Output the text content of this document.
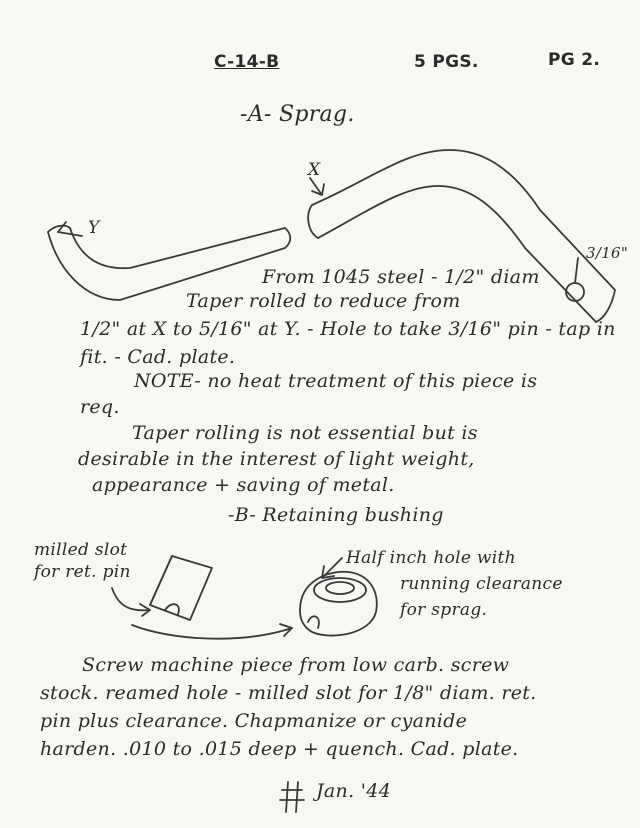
C-14-B	5 PGS.	PG 2.
-A- Sprag.
X
Y
3/16"
From 1045 steel - 1/2" diam
Taper rolled to reduce from
1/2" at X to 5/16" at Y. - Hole to take 3/16" pin - tap in
fit. - Cad. plate.
NOTE- no heat treatment of this piece is
req.
Taper rolling is not essential but is
desirable in the interest of light weight,
appearance + saving of metal.
-B- Retaining bushing
milled slot
for ret. pin
Half inch hole with
running clearance
for sprag.
Screw machine piece from low carb. screw
stock. reamed hole - milled slot for 1/8" diam. ret.
pin plus clearance. Chapmanize or cyanide
harden. .010 to .015 deep + quench. Cad. plate.
Jan. '44
